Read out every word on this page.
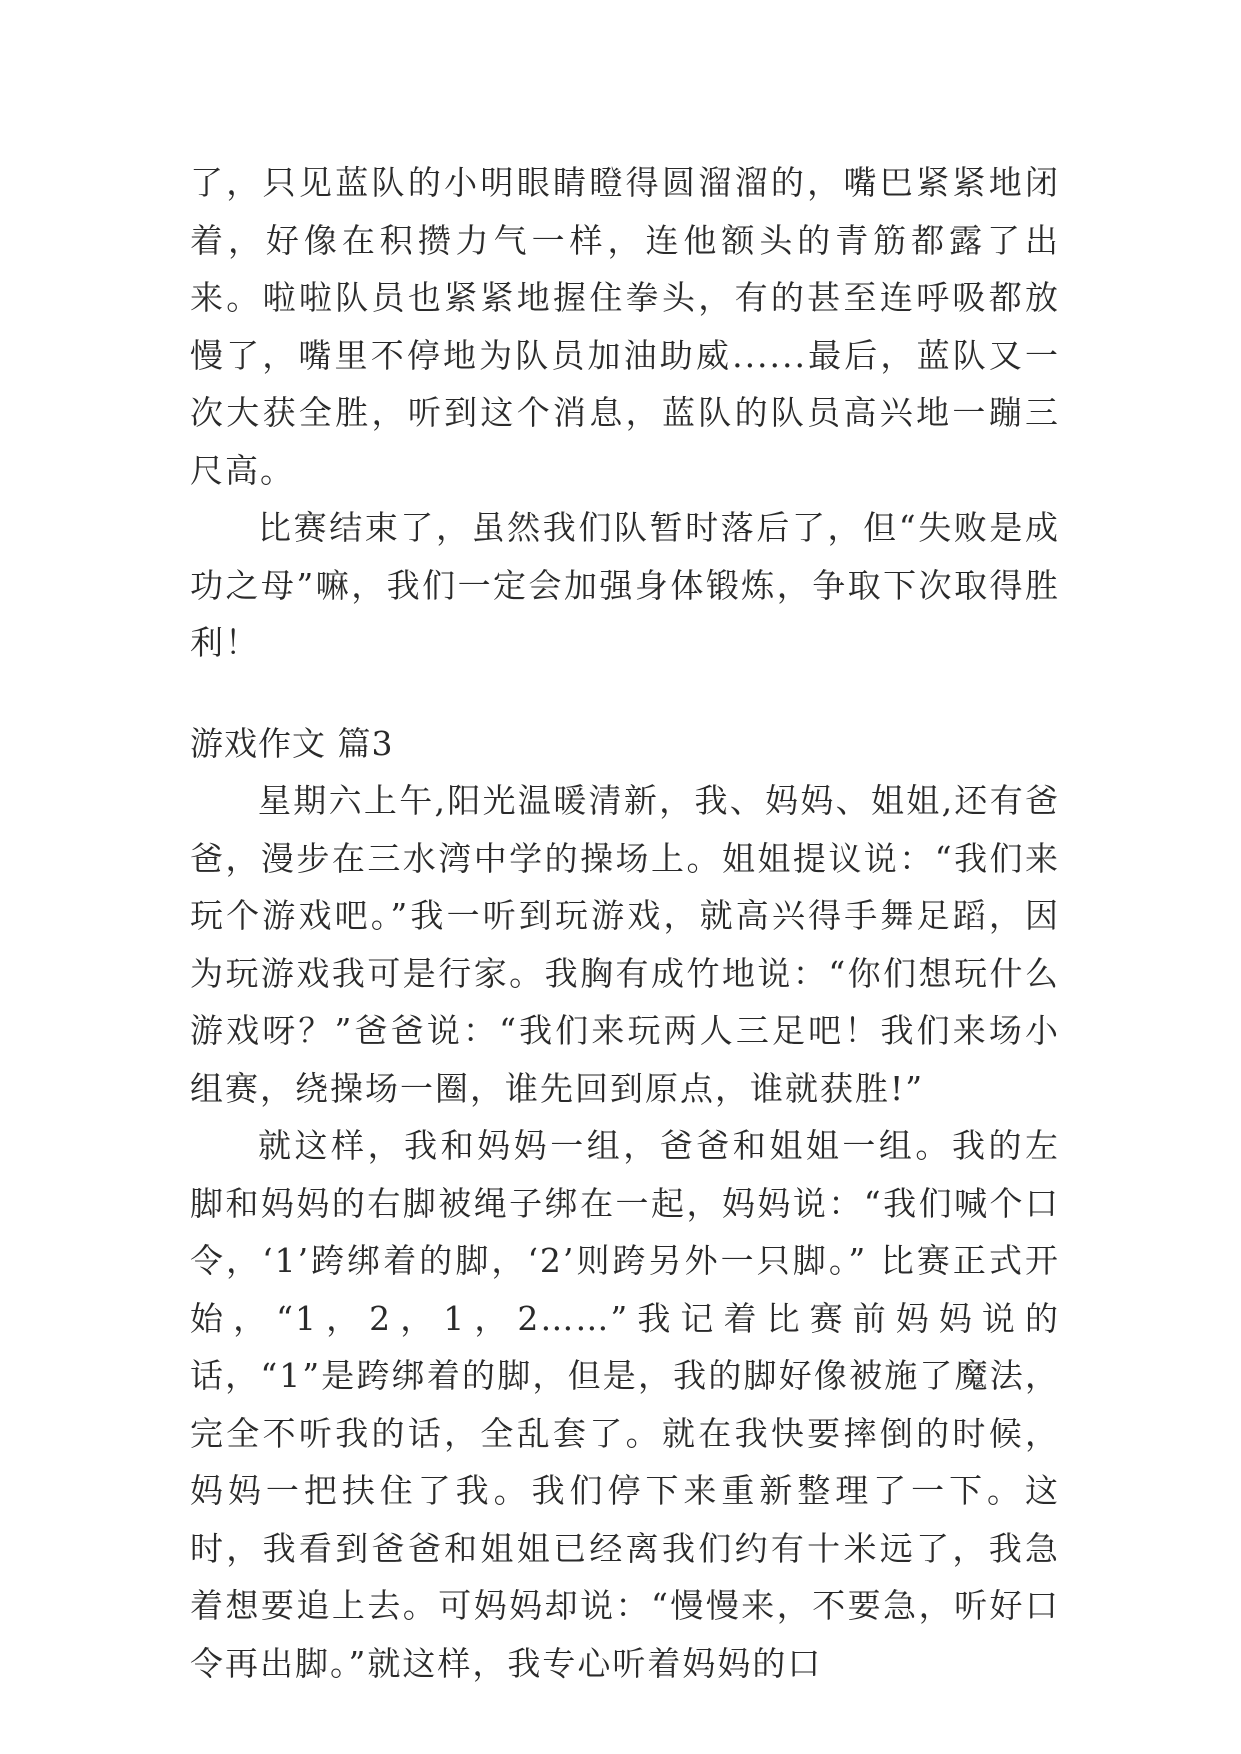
了，只见蓝队的小明眼睛瞪得圆溜溜的，嘴巴紧紧地闭着，好像在积攒力气一样，连他额头的青筋都露了出来。啦啦队员也紧紧地握住拳头，有的甚至连呼吸都放慢了，嘴里不停地为队员加油助威......最后，蓝队又一次大获全胜，听到这个消息，蓝队的队员高兴地一蹦三尺高。

比赛结束了，虽然我们队暂时落后了，但“失败是成功之母”嘛，我们一定会加强身体锻炼，争取下次取得胜利！

游戏作文 篇3

星期六上午,阳光温暖清新，我、妈妈、姐姐,还有爸爸，漫步在三水湾中学的操场上。姐姐提议说：“我们来玩个游戏吧。”我一听到玩游戏，就高兴得手舞足蹈，因为玩游戏我可是行家。我胸有成竹地说：“你们想玩什么游戏呀？”爸爸说：“我们来玩两人三足吧！我们来场小组赛，绕操场一圈，谁先回到原点，谁就获胜!”

就这样，我和妈妈一组，爸爸和姐姐一组。我的左脚和妈妈的右脚被绳子绑在一起，妈妈说：“我们喊个口令，‘1’跨绑着的脚，‘2’则跨另外一只脚。” 比赛正式开始，“1，2，1，2……”我记着比赛前妈妈说的话，“1”是跨绑着的脚，但是，我的脚好像被施了魔法，完全不听我的话，全乱套了。就在我快要摔倒的时候，妈妈一把扶住了我。我们停下来重新整理了一下。这时，我看到爸爸和姐姐已经离我们约有十米远了，我急着想要追上去。可妈妈却说：“慢慢来，不要急，听好口令再出脚。”就这样，我专心听着妈妈的口
